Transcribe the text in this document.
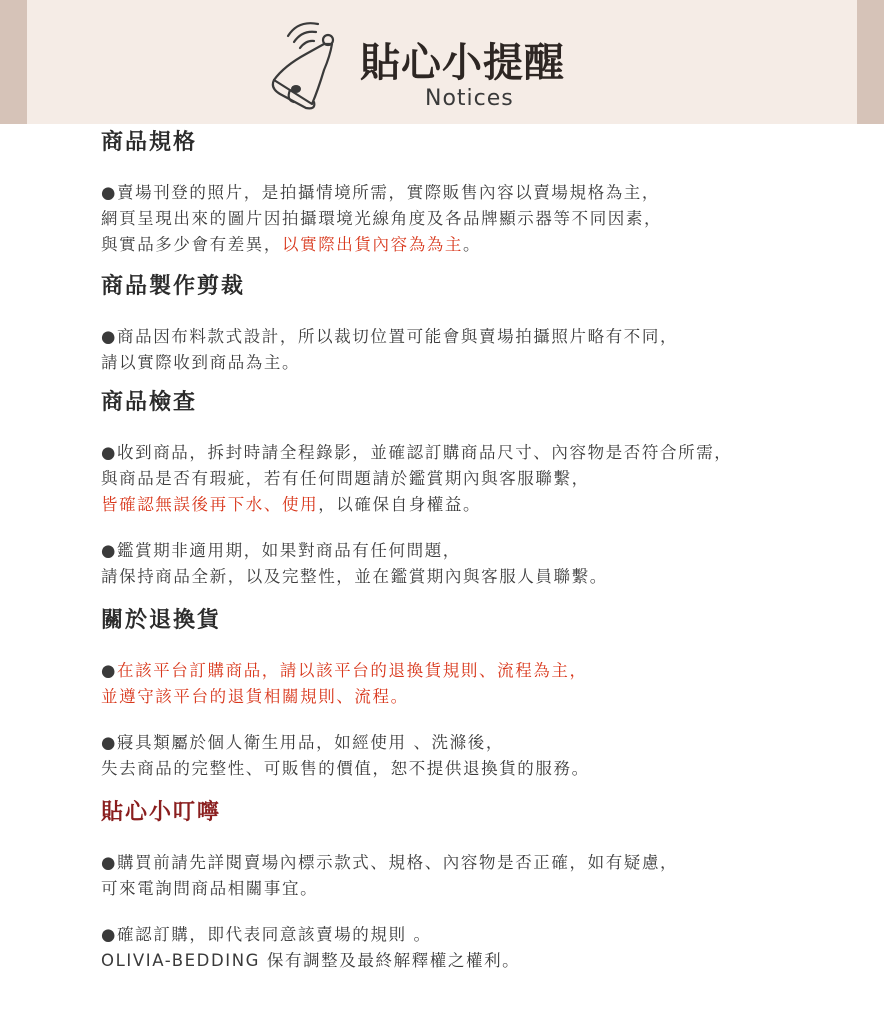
貼心小提醒
Notices
商品規格
●賣場刊登的照片，是拍攝情境所需，實際販售內容以賣場規格為主，
網頁呈現出來的圖片因拍攝環境光線角度及各品牌顯示器等不同因素，
與實品多少會有差異，以實際出貨內容為為主。
商品製作剪裁
●商品因布料款式設計，所以裁切位置可能會與賣場拍攝照片略有不同，
請以實際收到商品為主。
商品檢查
●收到商品，拆封時請全程錄影，並確認訂購商品尺寸、內容物是否符合所需，
與商品是否有瑕疵，若有任何問題請於鑑賞期內與客服聯繫，
皆確認無誤後再下水、使用，以確保自身權益。
●鑑賞期非適用期，如果對商品有任何問題，
請保持商品全新，以及完整性，並在鑑賞期內與客服人員聯繫。
關於退換貨
●在該平台訂購商品，請以該平台的退換貨規則、流程為主，
並遵守該平台的退貨相關規則、流程。
●寢具類屬於個人衛生用品，如經使用 、洗滌後，
失去商品的完整性、可販售的價值，恕不提供退換貨的服務。
貼心小叮嚀
●購買前請先詳閱賣場內標示款式、規格、內容物是否正確，如有疑慮，
可來電詢問商品相關事宜。
●確認訂購，即代表同意該賣場的規則 。
OLIVIA-BEDDING 保有調整及最終解釋權之權利。
